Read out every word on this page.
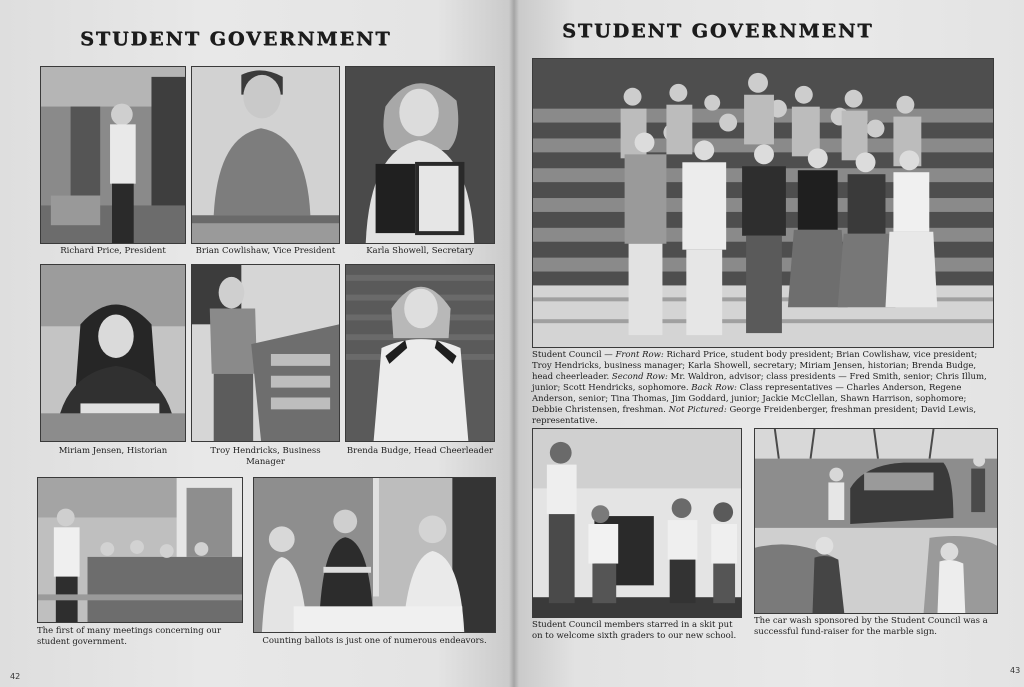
STUDENT GOVERNMENT
Richard Price, President	Brian Cowlishaw, Vice President	Karla Showell, Secretary
Miriam Jensen, Historian	Troy Hendricks, Business Manager
Brenda Budge, Head Cheerleader
The first of many meetings concerning our student government.	Counting ballots is just one of numerous endeavors.
42
STUDENT GOVERNMENT
Student Council — Front Row: Richard Price, student body president; Brian Cowlishaw, vice president; Troy Hendricks, business manager; Karla Showell, secretary; Miriam Jensen, historian; Brenda Budge, head cheerleader. Second Row: Mr. Waldron, advisor; class presidents — Fred Smith, senior; Chris Illum, junior; Scott Hendricks, sophomore. Back Row: Class representatives — Charles Anderson, Regene Anderson, senior; Tina Thomas, Jim Goddard, junior; Jackie McClellan, Shawn Harrison, sophomore; Debbie Christensen, freshman. Not Pictured: George Freidenberger, freshman president; David Lewis, representative.
Student Council members starred in a skit put on to welcome sixth graders to our new school.
The car wash sponsored by the Student Council was a successful fund-raiser for the marble sign.
43
